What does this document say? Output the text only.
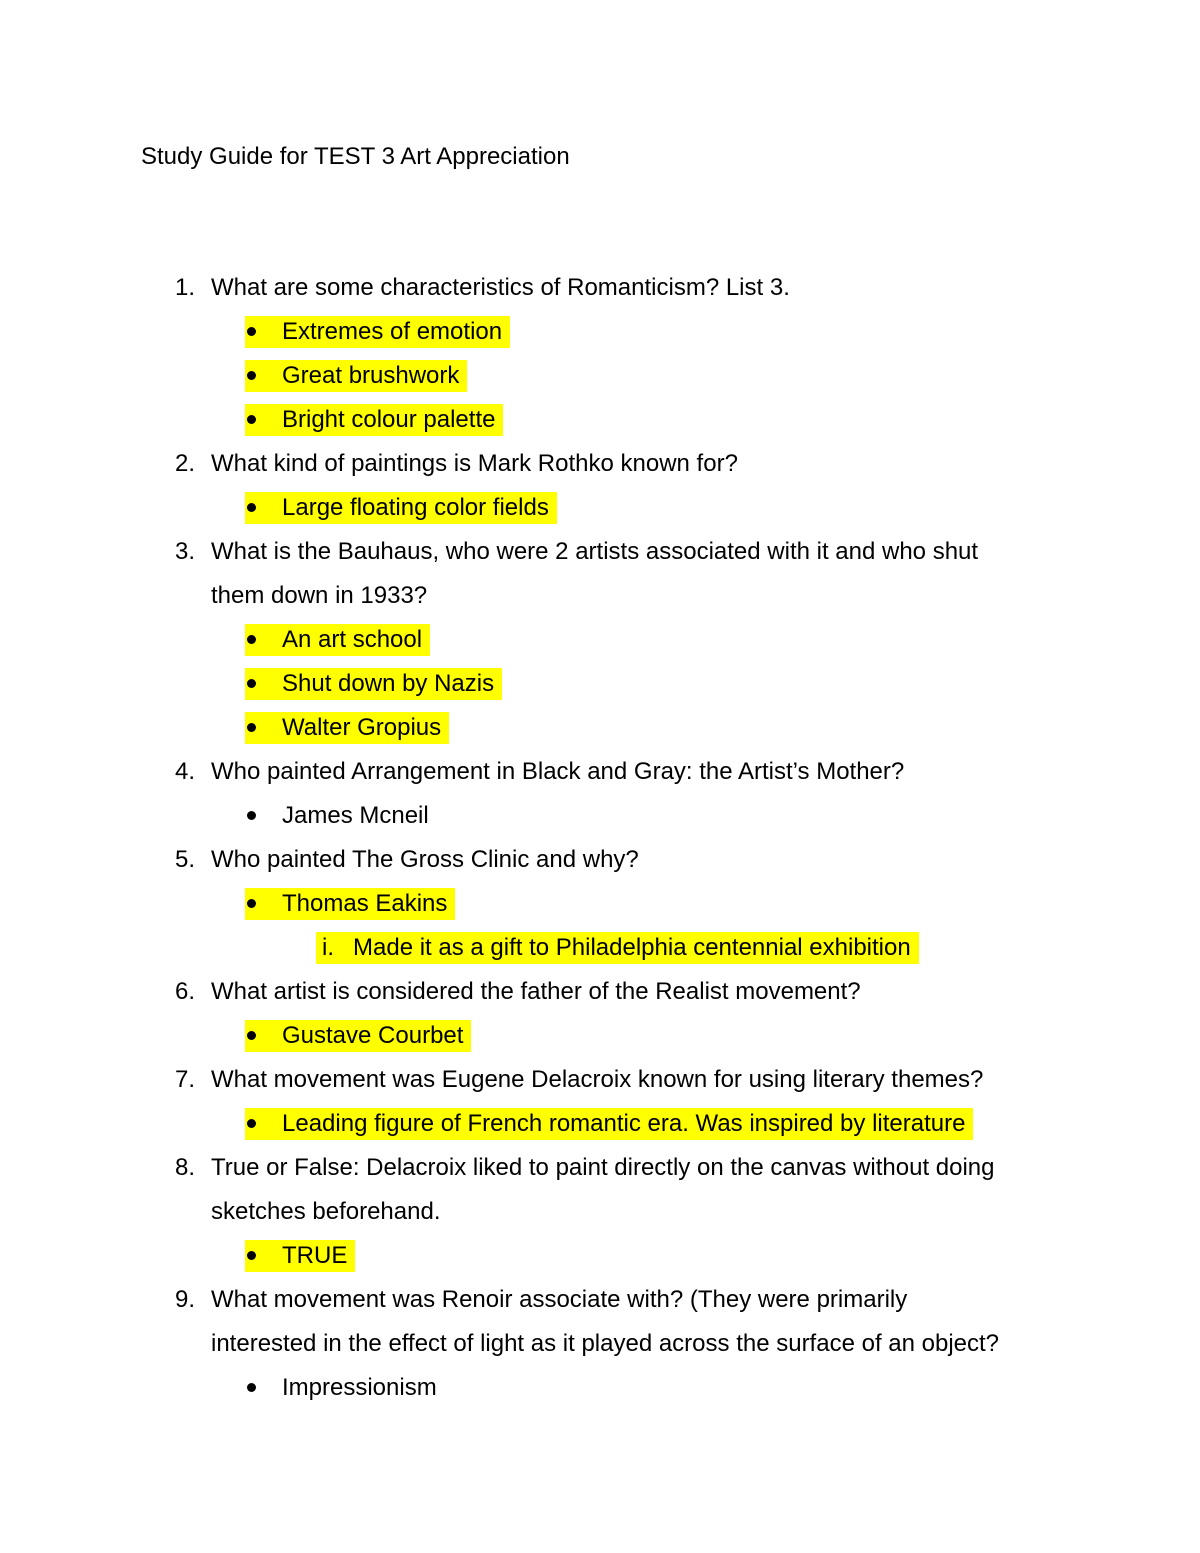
Study Guide for TEST 3 Art Appreciation
1. What are some characteristics of Romanticism? List 3.
Extremes of emotion
Great brushwork
Bright colour palette
2. What kind of paintings is Mark Rothko known for?
Large floating color fields
3. What is the Bauhaus, who were 2 artists associated with it and who shut
them down in 1933?
An art school
Shut down by Nazis
Walter Gropius
4. Who painted Arrangement in Black and Gray: the Artist’s Mother?
James Mcneil
5. Who painted The Gross Clinic and why?
Thomas Eakins
i. Made it as a gift to Philadelphia centennial exhibition
6. What artist is considered the father of the Realist movement?
Gustave Courbet
7. What movement was Eugene Delacroix known for using literary themes?
Leading figure of French romantic era. Was inspired by literature
8. True or False: Delacroix liked to paint directly on the canvas without doing
sketches beforehand.
TRUE
9. What movement was Renoir associate with? (They were primarily
interested in the effect of light as it played across the surface of an object?
Impressionism
